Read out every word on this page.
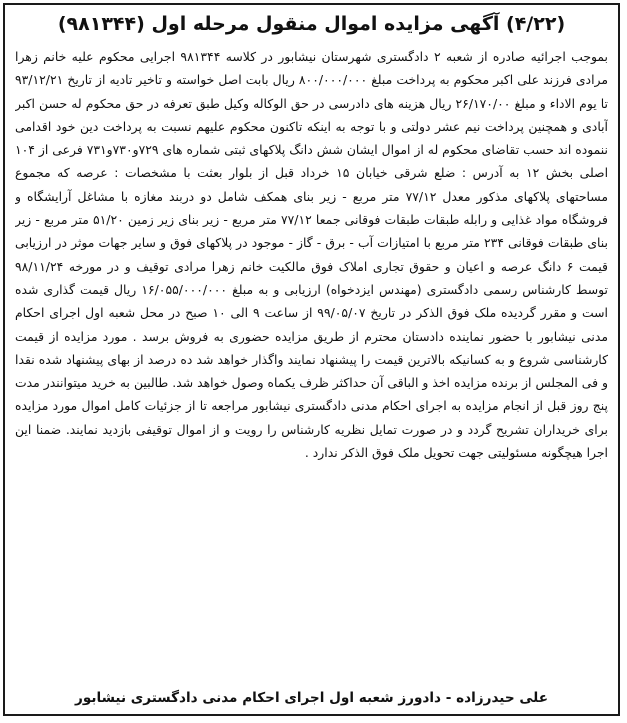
(۴/۲۲) آگهی مزایده اموال منقول مرحله اول (۹۸۱۳۴۴)

بموجب اجرائیه صادره از شعبه ۲ دادگستری شهرستان نیشابور در کلاسه ۹۸۱۳۴۴ اجرایی محکوم علیه خانم زهرا مرادی فرزند علی اکبر محکوم به پرداخت مبلغ ۸۰۰/۰۰۰/۰۰۰ ریال بابت اصل خواسته و تاخیر تادیه از تاریخ ۹۳/۱۲/۲۱ تا یوم الاداء و مبلغ ۲۶/۱۷۰/۰۰ ریال هزینه های دادرسی در حق الوکاله وکیل طبق تعرفه در حق محکوم له حسن اکبر آبادی و همچنین پرداخت نیم عشر دولتی و با توجه به اینکه تاکنون محکوم علیهم نسبت به پرداخت دین خود اقدامی ننموده اند حسب تقاضای محکوم له از اموال ایشان شش دانگ پلاکهای ثبتی شماره های ۷۲۹و۷۳۰و۷۳۱ فرعی از ۱۰۴ اصلی بخش ۱۲ به آدرس : ضلع شرقی خیابان ۱۵ خرداد قبل از بلوار بعثت با مشخصات : عرصه که مجموع مساحتهای پلاکهای مذکور معدل ۷۷/۱۲ متر مربع - زیر بنای همکف شامل دو دربند مغازه با مشاغل آرایشگاه و فروشگاه مواد غذایی و رابله طبقات طبقات فوقانی جمعا ۷۷/۱۲ متر مربع - زیر بنای زیر زمین ۵۱/۲۰ متر مربع - زیر بنای طبقات فوقانی ۲۳۴ متر مربع با امتیازات آب - برق - گاز - موجود در پلاکهای فوق و سایر جهات موثر در ارزیابی قیمت ۶ دانگ عرصه و اعیان و حقوق تجاری املاک فوق مالکیت خانم زهرا مرادی توقیف و در مورخه ۹۸/۱۱/۲۴ توسط کارشناس رسمی دادگستری (مهندس ایزدخواه) ارزیابی و به مبلغ ۱۶/۰۵۵/۰۰۰/۰۰۰ ریال قیمت گذاری شده است و مقرر گردیده ملک فوق الذکر در تاریخ ۹۹/۰۵/۰۷ از ساعت ۹ الی ۱۰ صبح در محل شعبه اول اجرای احکام مدنی نیشابور با حضور نماینده دادستان محترم از طریق مزایده حضوری به فروش برسد . مورد مزایده از قیمت کارشناسی شروع و به کسانیکه بالاترین قیمت را پیشنهاد نمایند واگذار خواهد شد ده درصد از بهای پیشنهاد شده نقدا و فی المجلس از برنده مزایده اخذ و الباقی آن حداکثر ظرف یکماه وصول خواهد شد. طالبین به خرید میتوانندر مدت پنج روز قبل از انجام مزایده به اجرای احکام مدنی دادگستری نیشابور مراجعه تا از جزئیات کامل اموال مورد مزایده برای خریداران تشریح گردد و در صورت تمایل نظریه کارشناس را رویت و از اموال توقیفی بازدید نمایند. ضمنا این اجرا هیچگونه مسئولیتی جهت تحویل ملک فوق الذکر ندارد .

علی حیدرزاده - دادورز شعبه اول اجرای احکام مدنی دادگستری نیشابور
